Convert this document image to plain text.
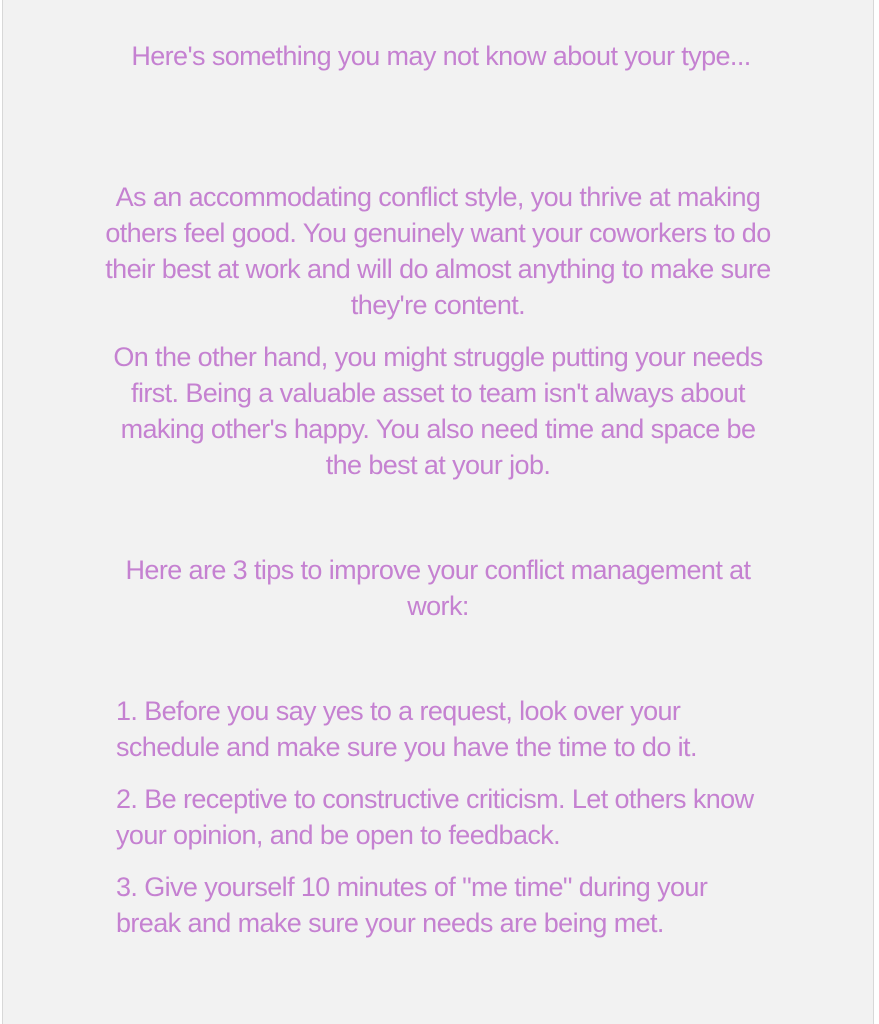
Here's something you may not know about your type...

As an accommodating conflict style, you thrive at making others feel good. You genuinely want your coworkers to do their best at work and will do almost anything to make sure they're content.

On the other hand, you might struggle putting your needs first. Being a valuable asset to team isn't always about making other's happy. You also need time and space be the best at your job.

Here are 3 tips to improve your conflict management at work:

1. Before you say yes to a request, look over your schedule and make sure you have the time to do it.

2. Be receptive to constructive criticism. Let others know your opinion, and be open to feedback.

3. Give yourself 10 minutes of "me time" during your break and make sure your needs are being met.
